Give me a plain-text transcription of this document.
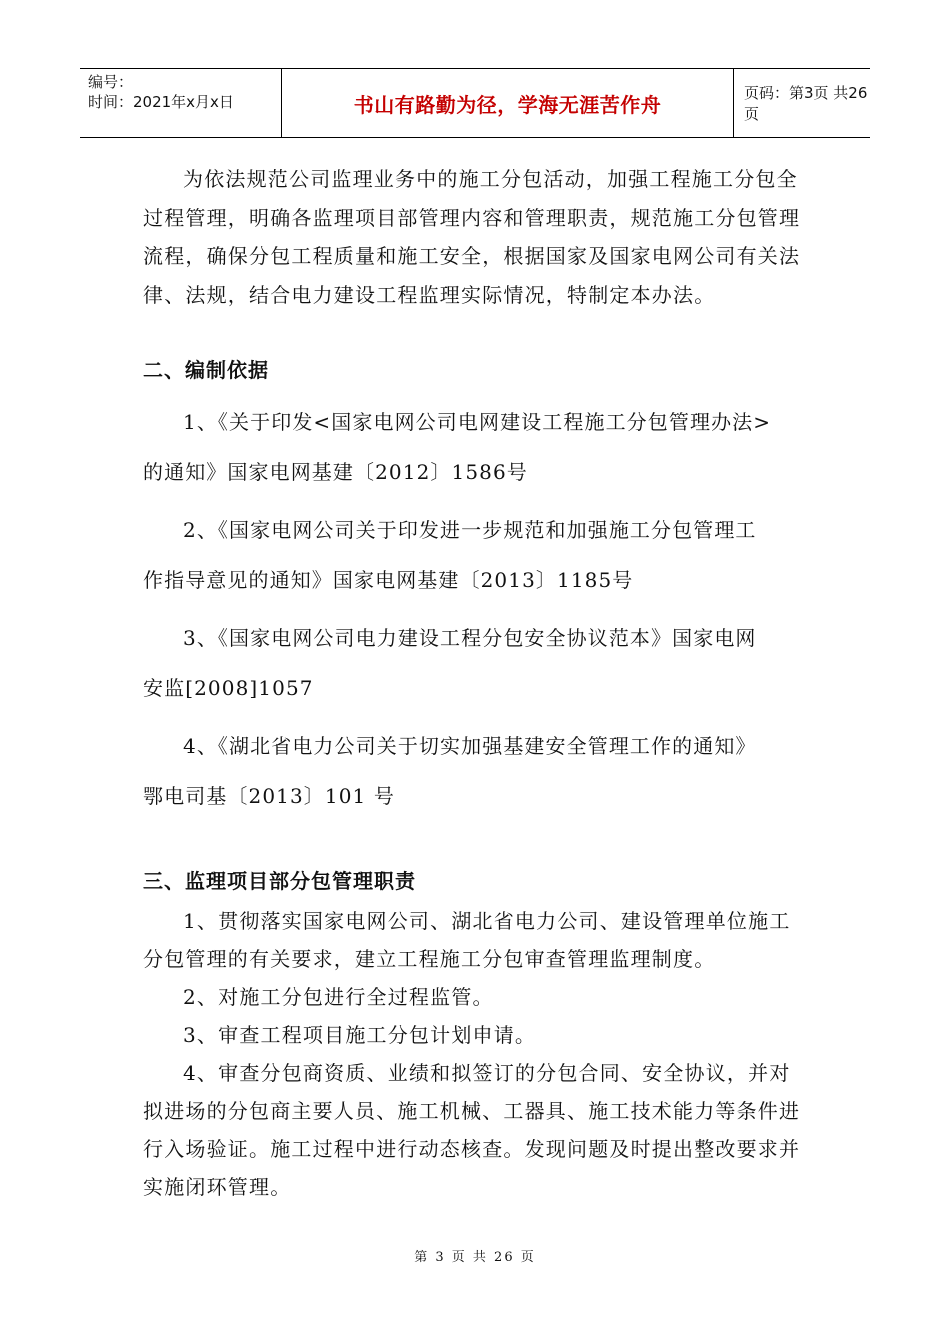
编号：
时间：2021年x月x日	书山有路勤为径，学海无涯苦作舟	页码：第3页 共26页

为依法规范公司监理业务中的施工分包活动，加强工程施工分包全过程管理，明确各监理项目部管理内容和管理职责，规范施工分包管理流程，确保分包工程质量和施工安全，根据国家及国家电网公司有关法律、法规，结合电力建设工程监理实际情况，特制定本办法。

二、编制依据

1、《关于印发<国家电网公司电网建设工程施工分包管理办法>

的通知》国家电网基建〔2012〕1586号

2、《国家电网公司关于印发进一步规范和加强施工分包管理工

作指导意见的通知》国家电网基建〔2013〕1185号

3、《国家电网公司电力建设工程分包安全协议范本》国家电网

安监[2008]1057

4、《湖北省电力公司关于切实加强基建安全管理工作的通知》

鄂电司基〔2013〕101 号

三、监理项目部分包管理职责

1、贯彻落实国家电网公司、湖北省电力公司、建设管理单位施工分包管理的有关要求，建立工程施工分包审查管理监理制度。

2、对施工分包进行全过程监管。

3、审查工程项目施工分包计划申请。

4、审查分包商资质、业绩和拟签订的分包合同、安全协议，并对拟进场的分包商主要人员、施工机械、工器具、施工技术能力等条件进行入场验证。施工过程中进行动态核查。发现问题及时提出整改要求并实施闭环管理。

第 3 页 共 26 页
